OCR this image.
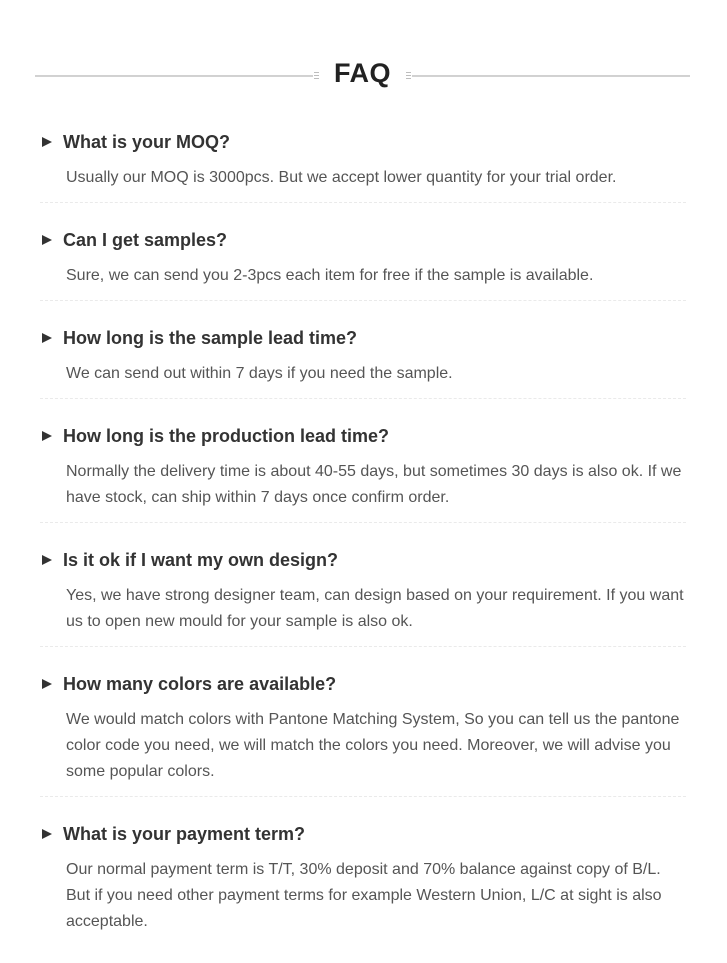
FAQ
What is your MOQ?
Usually our MOQ is 3000pcs. But we accept lower quantity for your trial order.
Can I get samples?
Sure, we can send you 2-3pcs each item for free if the sample is available.
How long is the sample lead time?
We can send out within 7 days if you need the sample.
How long is the production lead time?
Normally the delivery time is about 40-55 days, but sometimes 30 days is also ok. If we have stock, can ship within 7 days once confirm order.
Is it ok if I want my own design?
Yes, we have strong designer team, can design based on your requirement. If you want us to open new mould for your sample is also ok.
How many colors are available?
We would match colors with Pantone Matching System, So you can tell us the pantone color code you need, we will match the colors you need. Moreover, we will advise you some popular colors.
What is your payment term?
Our normal payment term is T/T, 30% deposit and 70% balance against copy of B/L. But if you need other payment terms for example Western Union, L/C at sight is also acceptable.
